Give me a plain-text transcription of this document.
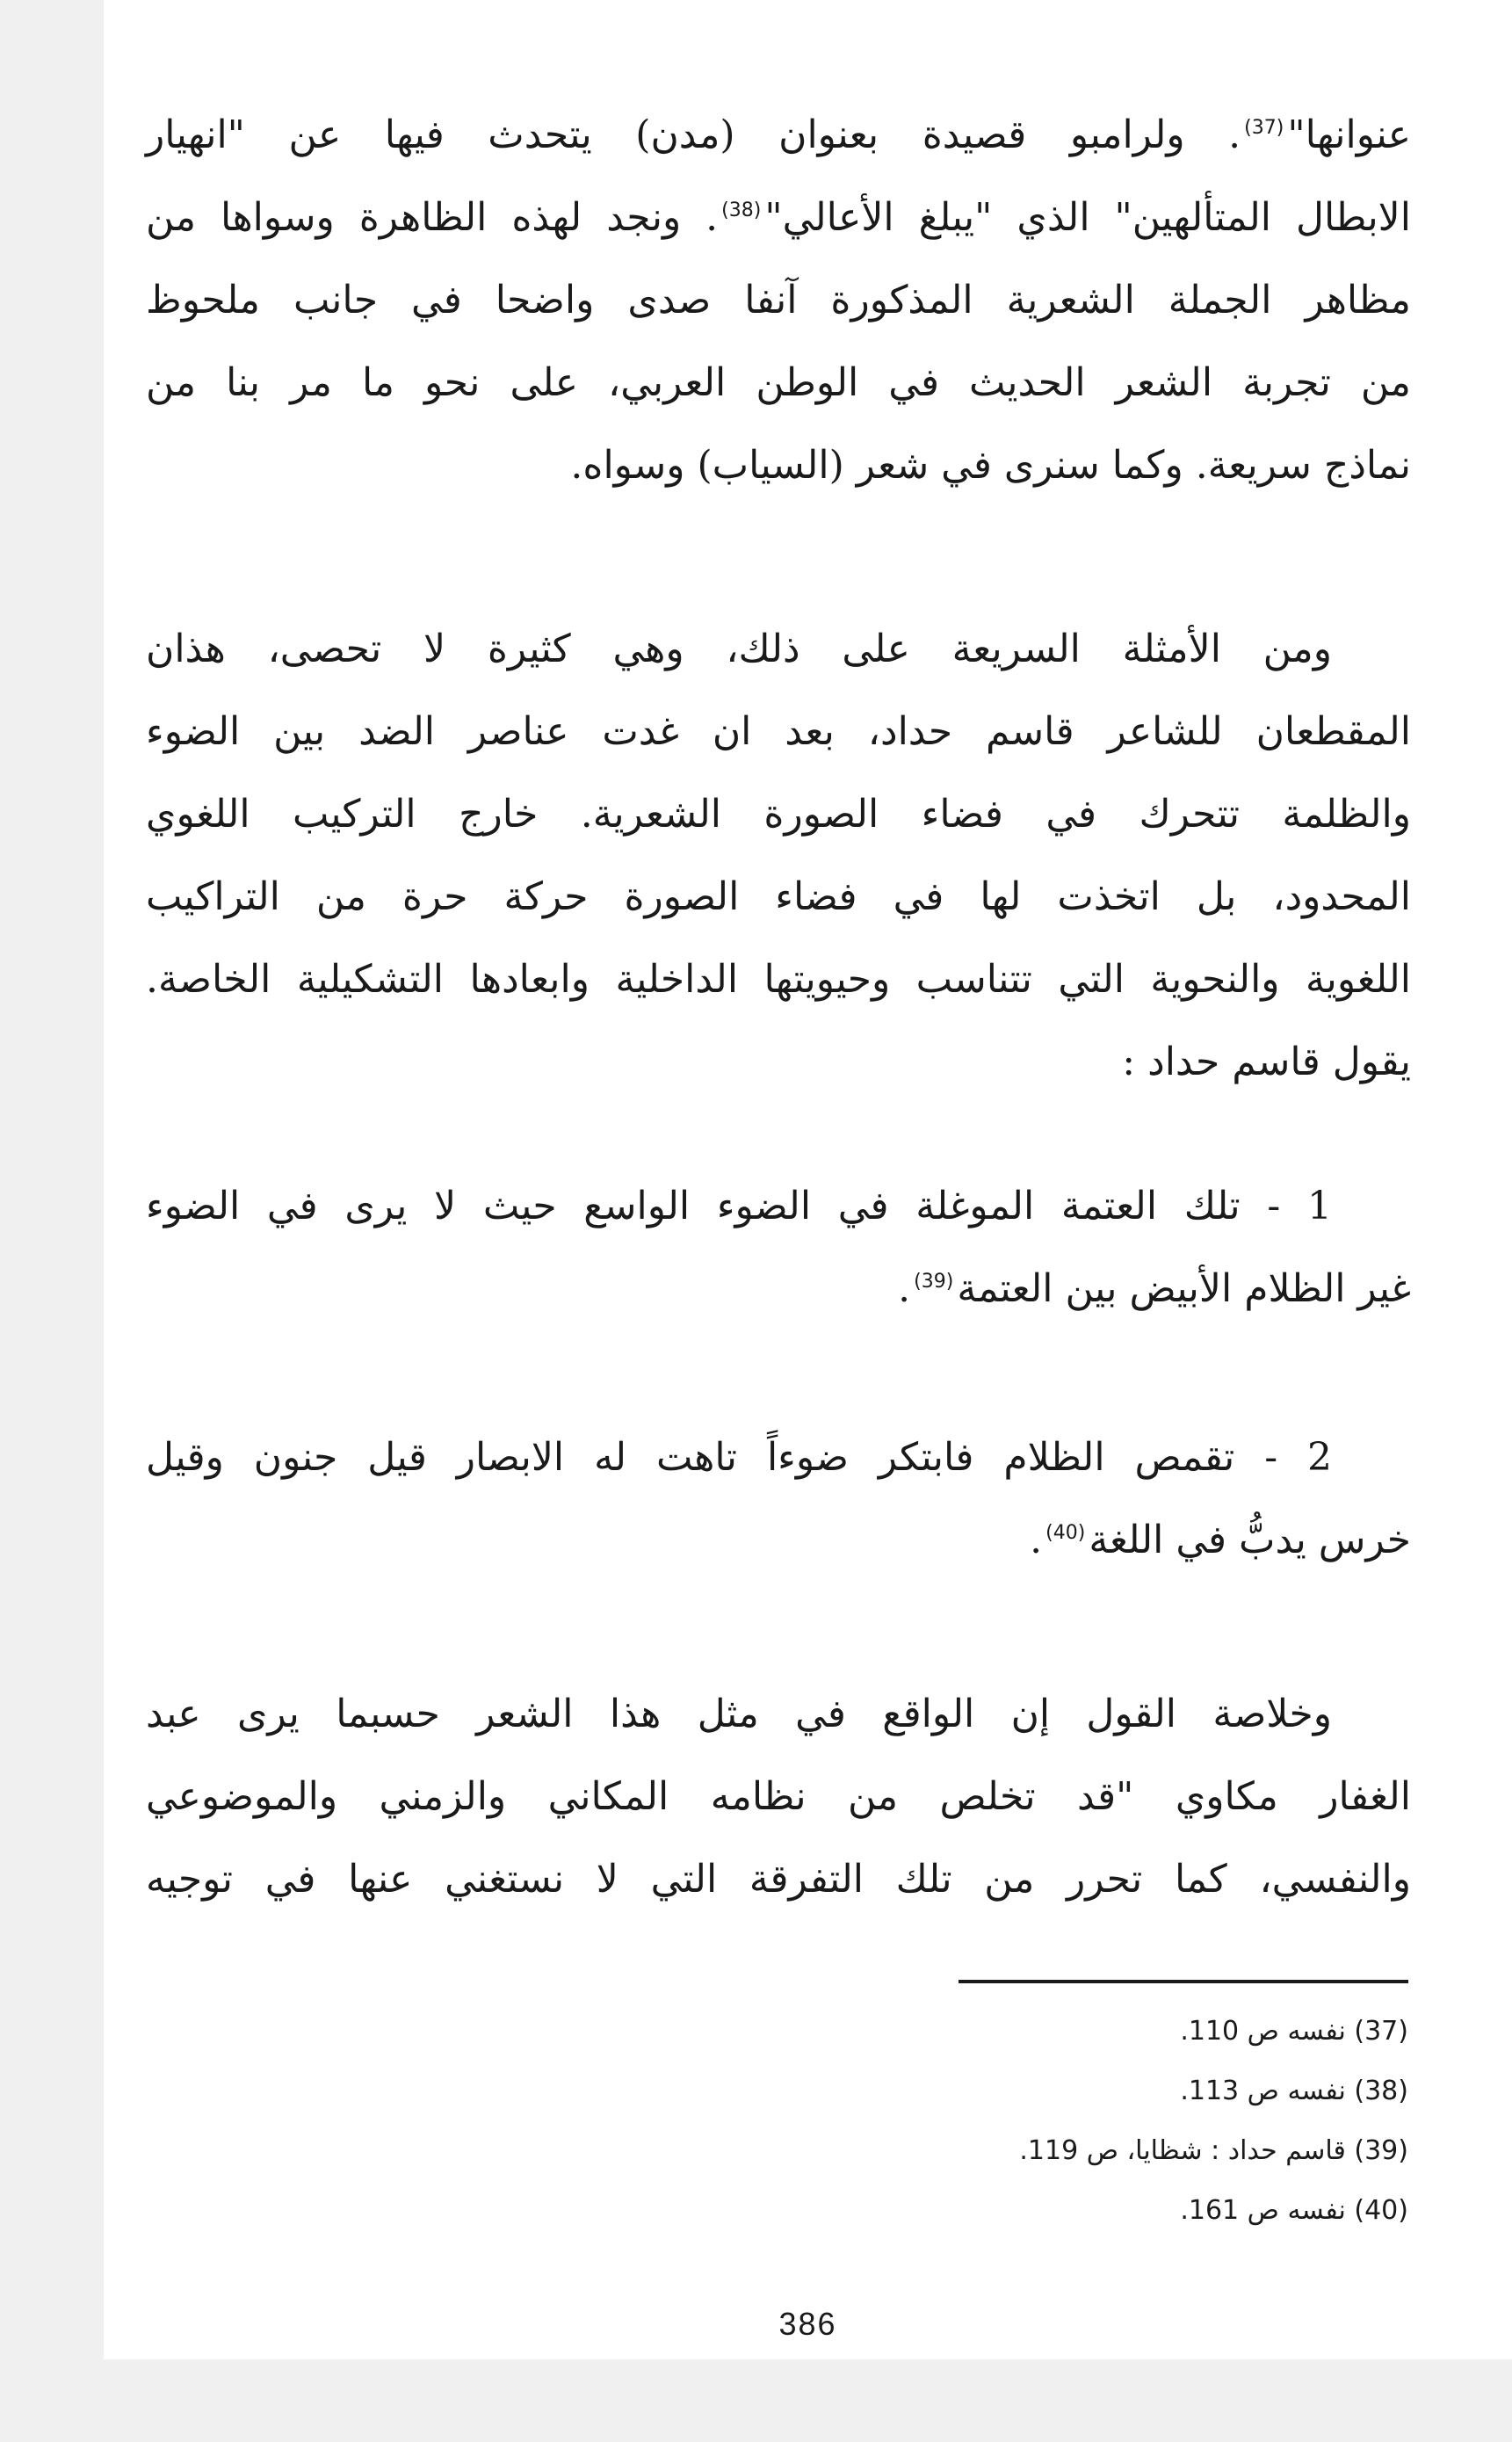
عنوانها"$^{(37)}$. ولرامبو قصيدة بعنوان (مدن) يتحدث فيها عن "انهيار
الابطال المتألهين" الذي "يبلغ الأعالي"$^{(38)}$. ونجد لهذه الظاهرة وسواها من
مظاهر الجملة الشعرية المذكورة آنفا صدى واضحا في جانب ملحوظ
من تجربة الشعر الحديث في الوطن العربي، على نحو ما مر بنا من
نماذج سريعة. وكما سنرى في شعر (السياب) وسواه.
ومن الأمثلة السريعة على ذلك، وهي كثيرة لا تحصى، هذان
المقطعان للشاعر قاسم حداد، بعد ان غدت عناصر الضد بين الضوء
والظلمة تتحرك في فضاء الصورة الشعرية. خارج التركيب اللغوي
المحدود، بل اتخذت لها في فضاء الصورة حركة حرة من التراكيب
اللغوية والنحوية التي تتناسب وحيويتها الداخلية وابعادها التشكيلية الخاصة.
يقول قاسم حداد :
1 - تلك العتمة الموغلة في الضوء الواسع حيث لا يرى في الضوء
غير الظلام الأبيض بين العتمة$^{(39)}$.
2 - تقمص الظلام فابتكر ضوءاً تاهت له الابصار قيل جنون وقيل
خرس يدبُّ في اللغة$^{(40)}$.
وخلاصة القول إن الواقع في مثل هذا الشعر حسبما يرى عبد
الغفار مكاوي "قد تخلص من نظامه المكاني والزمني والموضوعي
والنفسي، كما تحرر من تلك التفرقة التي لا نستغني عنها في توجيه
(37) نفسه ص 110.
(38) نفسه ص 113.
(39) قاسم حداد : شظايا، ص 119.
(40) نفسه ص 161.
386
